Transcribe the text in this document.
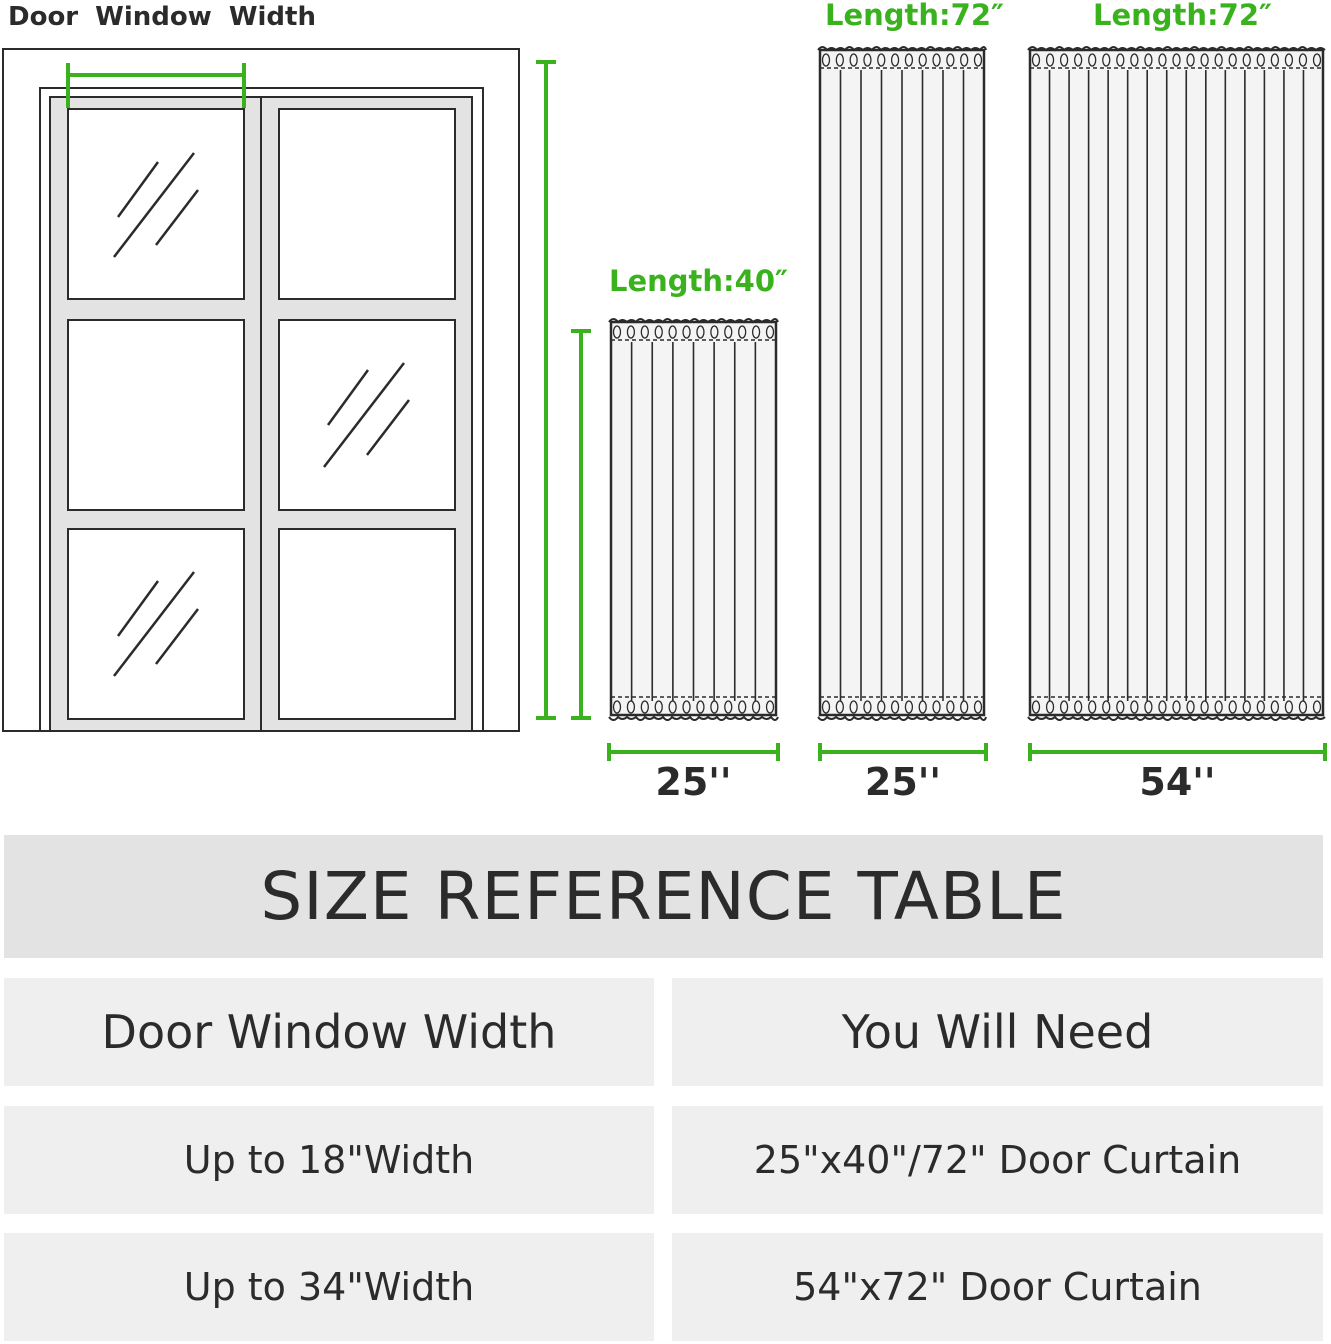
Door Window Width
Length:40″
Length:72″	Length:72″
25''	25''	54''
SIZE REFERENCE TABLE
Door Window Width	You Will Need
Up to 18"Width	25"x40"/72" Door Curtain
Up to 34"Width	54"x72" Door Curtain
